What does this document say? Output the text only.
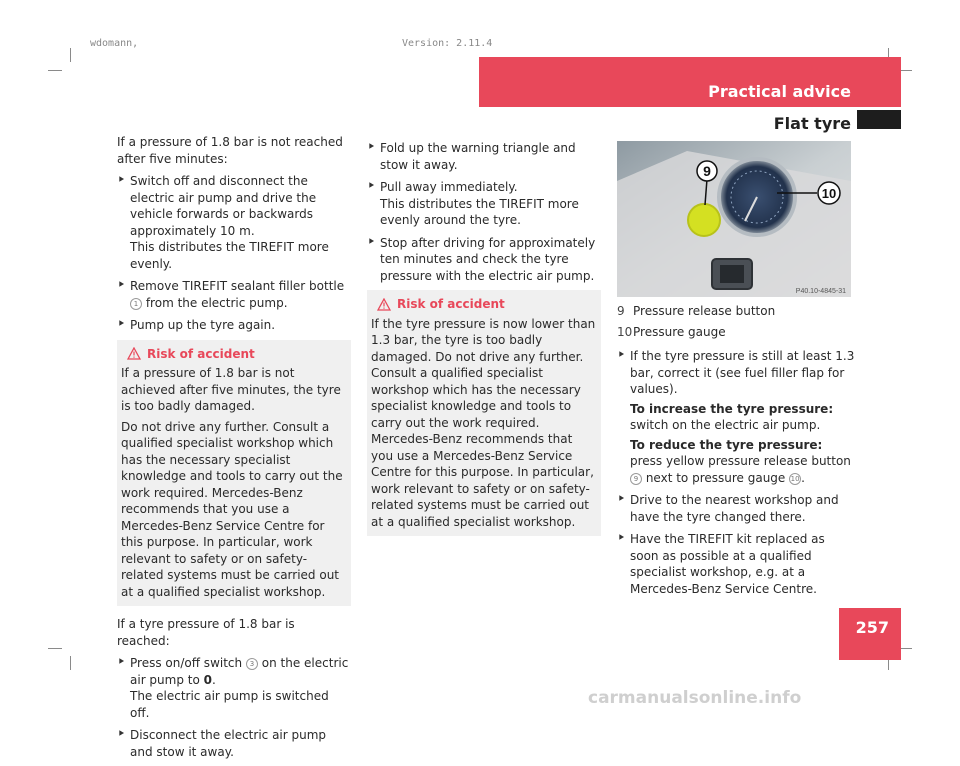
wdomann,	Version: 2.11.4
Practical advice
Flat tyre

If a pressure of 1.8 bar is not reached after five minutes:

⯈ Switch off and disconnect the electric air pump and drive the vehicle forwards or backwards approximately 10 m.
This distributes the TIREFIT more evenly.
⯈ Remove TIREFIT sealant filler bottle 1 from the electric pump.
⯈ Pump up the tyre again.
Risk of accident

If a pressure of 1.8 bar is not achieved after five minutes, the tyre is too badly damaged.

Do not drive any further. Consult a qualified specialist workshop which has the necessary specialist knowledge and tools to carry out the work required. Mercedes-Benz recommends that you use a Mercedes-Benz Service Centre for this purpose. In particular, work relevant to safety or on safety-related systems must be carried out at a qualified specialist workshop.

If a tyre pressure of 1.8 bar is reached:

⯈ Press on/off switch 3 on the electric air pump to 0.
The electric air pump is switched off.
⯈ Disconnect the electric air pump and stow it away.
⯈ Fold up the warning triangle and stow it away.
⯈ Pull away immediately.
This distributes the TIREFIT more evenly around the tyre.
⯈ Stop after driving for approximately ten minutes and check the tyre pressure with the electric air pump.
Risk of accident

If the tyre pressure is now lower than 1.3 bar, the tyre is too badly damaged. Do not drive any further. Consult a qualified specialist workshop which has the necessary specialist knowledge and tools to carry out the work required. Mercedes-Benz recommends that you use a Mercedes-Benz Service Centre for this purpose. In particular, work relevant to safety or on safety-related systems must be carried out at a qualified specialist workshop.

9
10
P40.10-4845-31
9 Pressure release button
10 Pressure gauge
⯈ If the tyre pressure is still at least 1.3 bar, correct it (see fuel filler flap for values).
To increase the tyre pressure: switch on the electric air pump.
To reduce the tyre pressure: press yellow pressure release button 9 next to pressure gauge 10 .
⯈ Drive to the nearest workshop and have the tyre changed there.
⯈ Have the TIREFIT kit replaced as soon as possible at a qualified specialist workshop, e.g. at a Mercedes-Benz Service Centre.
257
carmanualsonline.info
